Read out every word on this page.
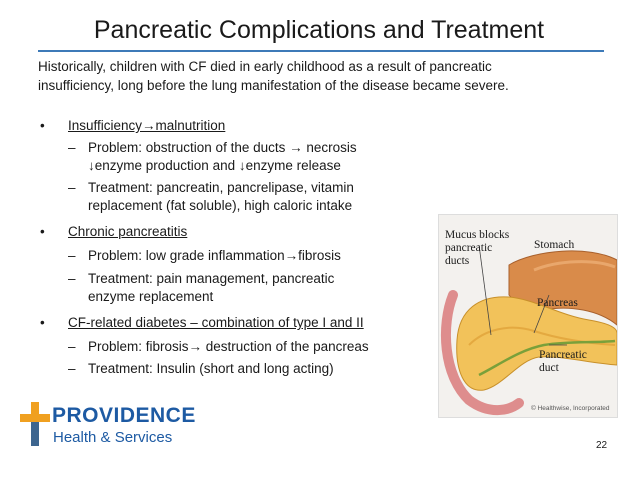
Pancreatic Complications and Treatment
Historically, children with CF died in early childhood as a result of pancreatic
insufficiency, long before the lung manifestation of the disease became severe.
• Insufficiency→malnutrition
– Problem: obstruction of the ducts → necrosis
↓enzyme production and ↓enzyme release
– Treatment: pancreatin, pancrelipase, vitamin
replacement (fat soluble), high caloric intake
• Chronic pancreatitis
– Problem: low grade inflammation→fibrosis
– Treatment: pain management, pancreatic
enzyme replacement
• CF-related diabetes – combination of type I and II
– Problem: fibrosis→ destruction of the pancreas
– Treatment: Insulin (short and long acting)
Mucus blocks
pancreatic
ducts
Stomach
Pancreas
Pancreatic
duct
© Healthwise, Incorporated
PROVIDENCE
Health & Services	22
